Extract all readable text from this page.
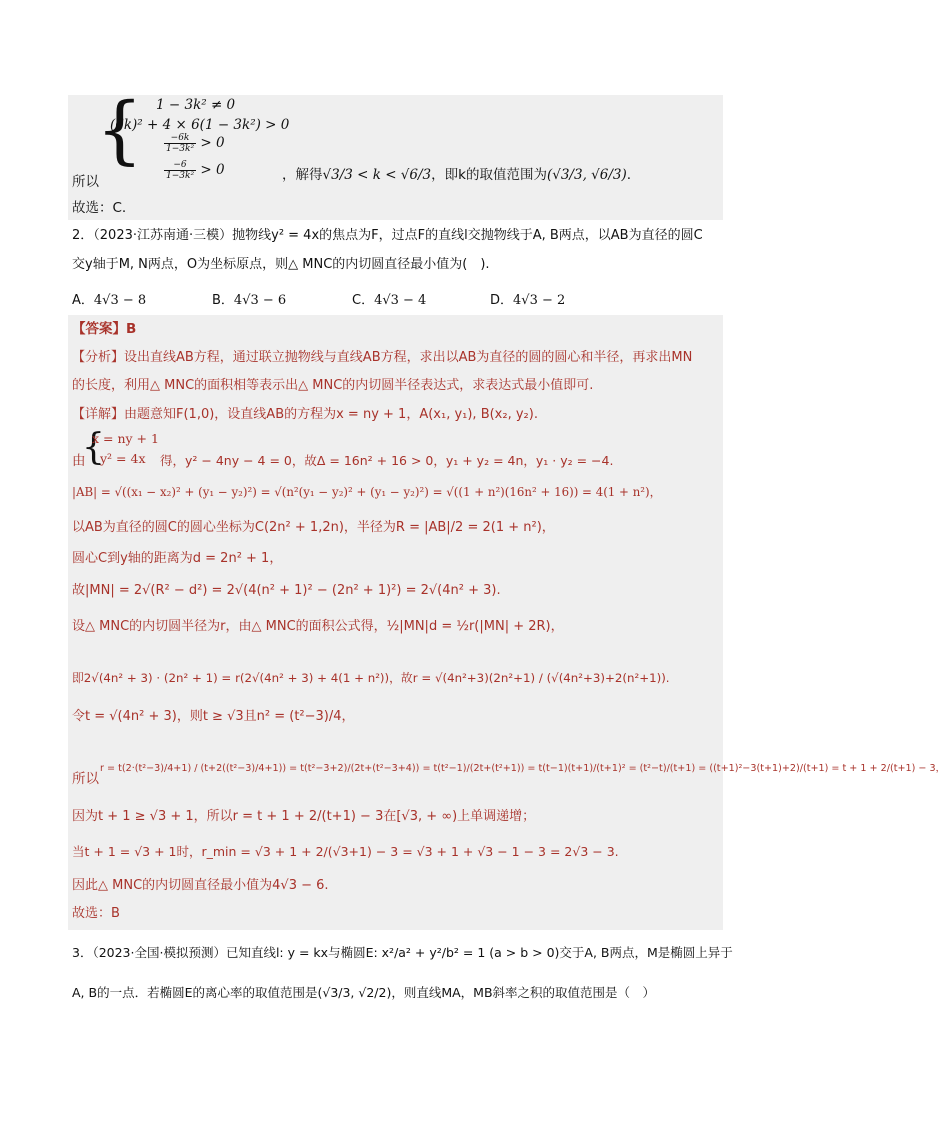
{ 1 − 3k² ≠ 0
(6k)² + 4 × 6(1 − 3k²) > 0
$\frac{-6k}{\text{1−3k²}} > 0$
$\frac{-6}{\text{1−3k²}} > 0$
所以	，解得√3/3 < k < √6/3，即k的取值范围为(√3/3, √6/3).
故选：C.
2．（2023·江苏南通·三模）抛物线y² = 4x的焦点为F，过点F的直线l交抛物线于A, B两点，以AB为直径的圆C
交y轴于M, N两点，O为坐标原点，则△ MNC的内切圆直径最小值为(　).
A．4√3 − 8	B．4√3 − 6	C．4√3 − 4	D．4√3 − 2
【答案】B
【分析】设出直线AB方程，通过联立抛物线与直线AB方程，求出以AB为直径的圆的圆心和半径，再求出MN
的长度，利用△ MNC的面积相等表示出△ MNC的内切圆半径表达式，求表达式最小值即可.
【详解】由题意知F(1,0)，设直线AB的方程为x = ny + 1，A(x₁, y₁), B(x₂, y₂).
{
x = ny + 1
y² = 4x
由	得，y² − 4ny − 4 = 0，故Δ = 16n² + 16 > 0，y₁ + y₂ = 4n，y₁ · y₂ = −4.
|AB| = √((x₁ − x₂)² + (y₁ − y₂)²) = √(n²(y₁ − y₂)² + (y₁ − y₂)²) = √((1 + n²)(16n² + 16)) = 4(1 + n²)，
以AB为直径的圆C的圆心坐标为C(2n² + 1,2n)，半径为R = |AB|/2 = 2(1 + n²)，
圆心C到y轴的距离为d = 2n² + 1，
故|MN| = 2√(R² − d²) = 2√(4(n² + 1)² − (2n² + 1)²) = 2√(4n² + 3).
设△ MNC的内切圆半径为r，由△ MNC的面积公式得，½|MN|d = ½r(|MN| + 2R)，
即2√(4n² + 3) · (2n² + 1) = r(2√(4n² + 3) + 4(1 + n²))，故r = √(4n²+3)(2n²+1) / (√(4n²+3)+2(n²+1)).
令t = √(4n² + 3)，则t ≥ √3且n² = (t²−3)/4，
所以
r = t(2·(t²−3)/4+1) / (t+2((t²−3)/4+1)) = t(t²−3+2)/(2t+(t²−3+4)) = t(t²−1)/(2t+(t²+1)) = t(t−1)(t+1)/(t+1)² = (t²−t)/(t+1) = ((t+1)²−3(t+1)+2)/(t+1) = t + 1 + 2/(t+1) − 3，
因为t + 1 ≥ √3 + 1，所以r = t + 1 + 2/(t+1) − 3在[√3, + ∞)上单调递增；
当t + 1 = √3 + 1时，r_min = √3 + 1 + 2/(√3+1) − 3 = √3 + 1 + √3 − 1 − 3 = 2√3 − 3.
因此△ MNC的内切圆直径最小值为4√3 − 6.
故选：B
3．（2023·全国·模拟预测）已知直线l: y = kx与椭圆E: x²/a² + y²/b² = 1 (a > b > 0)交于A, B两点，M是椭圆上异于
A, B的一点．若椭圆E的离心率的取值范围是(√3/3, √2/2)，则直线MA，MB斜率之积的取值范围是（　）
